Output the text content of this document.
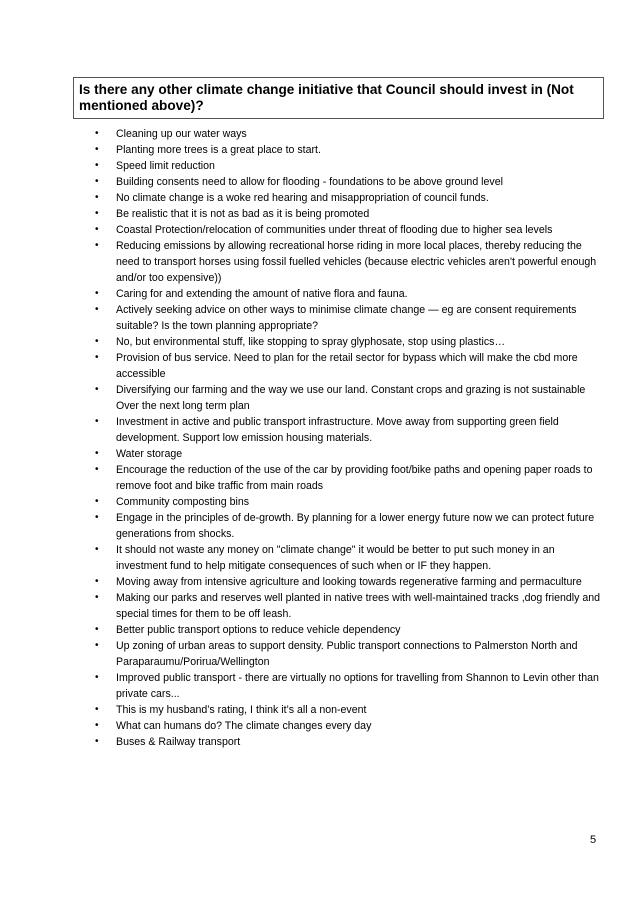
Is there any other climate change initiative that Council should invest in (Not mentioned above)?

• Cleaning up our water ways
• Planting more trees is a great place to start.
• Speed limit reduction
• Building consents need to allow for flooding - foundations to be above ground level
• No climate change is a woke red hearing and misappropriation of council funds.
• Be realistic that it is not as bad as it is being promoted
• Coastal Protection/relocation of communities under threat of flooding due to higher sea levels
• Reducing emissions by allowing recreational horse riding in more local places, thereby reducing the need to transport horses using fossil fuelled vehicles (because electric vehicles aren't powerful enough and/or too expensive))
• Caring for and extending the amount of native flora and fauna.
• Actively seeking advice on other ways to minimise climate change — eg are consent requirements suitable? Is the town planning appropriate?
• No, but environmental stuff, like stopping to spray glyphosate, stop using plastics…
• Provision of bus service. Need to plan for the retail sector for bypass which will make the cbd more accessible
• Diversifying our farming and the way we use our land. Constant crops and grazing is not sustainable Over the next long term plan
• Investment in active and public transport infrastructure. Move away from supporting green field development. Support low emission housing materials.
• Water storage
• Encourage the reduction of the use of the car by providing foot/bike paths and opening paper roads to remove foot and bike traffic from main roads
• Community composting bins
• Engage in the principles of de-growth. By planning for a lower energy future now we can protect future generations from shocks.
• It should not waste any money on "climate change" it would be better to put such money in an investment fund to help mitigate consequences of such when or IF they happen.
• Moving away from intensive agriculture and looking towards regenerative farming and permaculture
• Making our parks and reserves well planted in native trees with well-maintained tracks ,dog friendly and special times for them to be off leash.
• Better public transport options to reduce vehicle dependency
• Up zoning of urban areas to support density. Public transport connections to Palmerston North and Paraparaumu/Porirua/Wellington
• Improved public transport - there are virtually no options for travelling from Shannon to Levin other than private cars...
• This is my husband’s rating, I think it’s all a non-event
• What can humans do? The climate changes every day
• Buses & Railway transport
5
